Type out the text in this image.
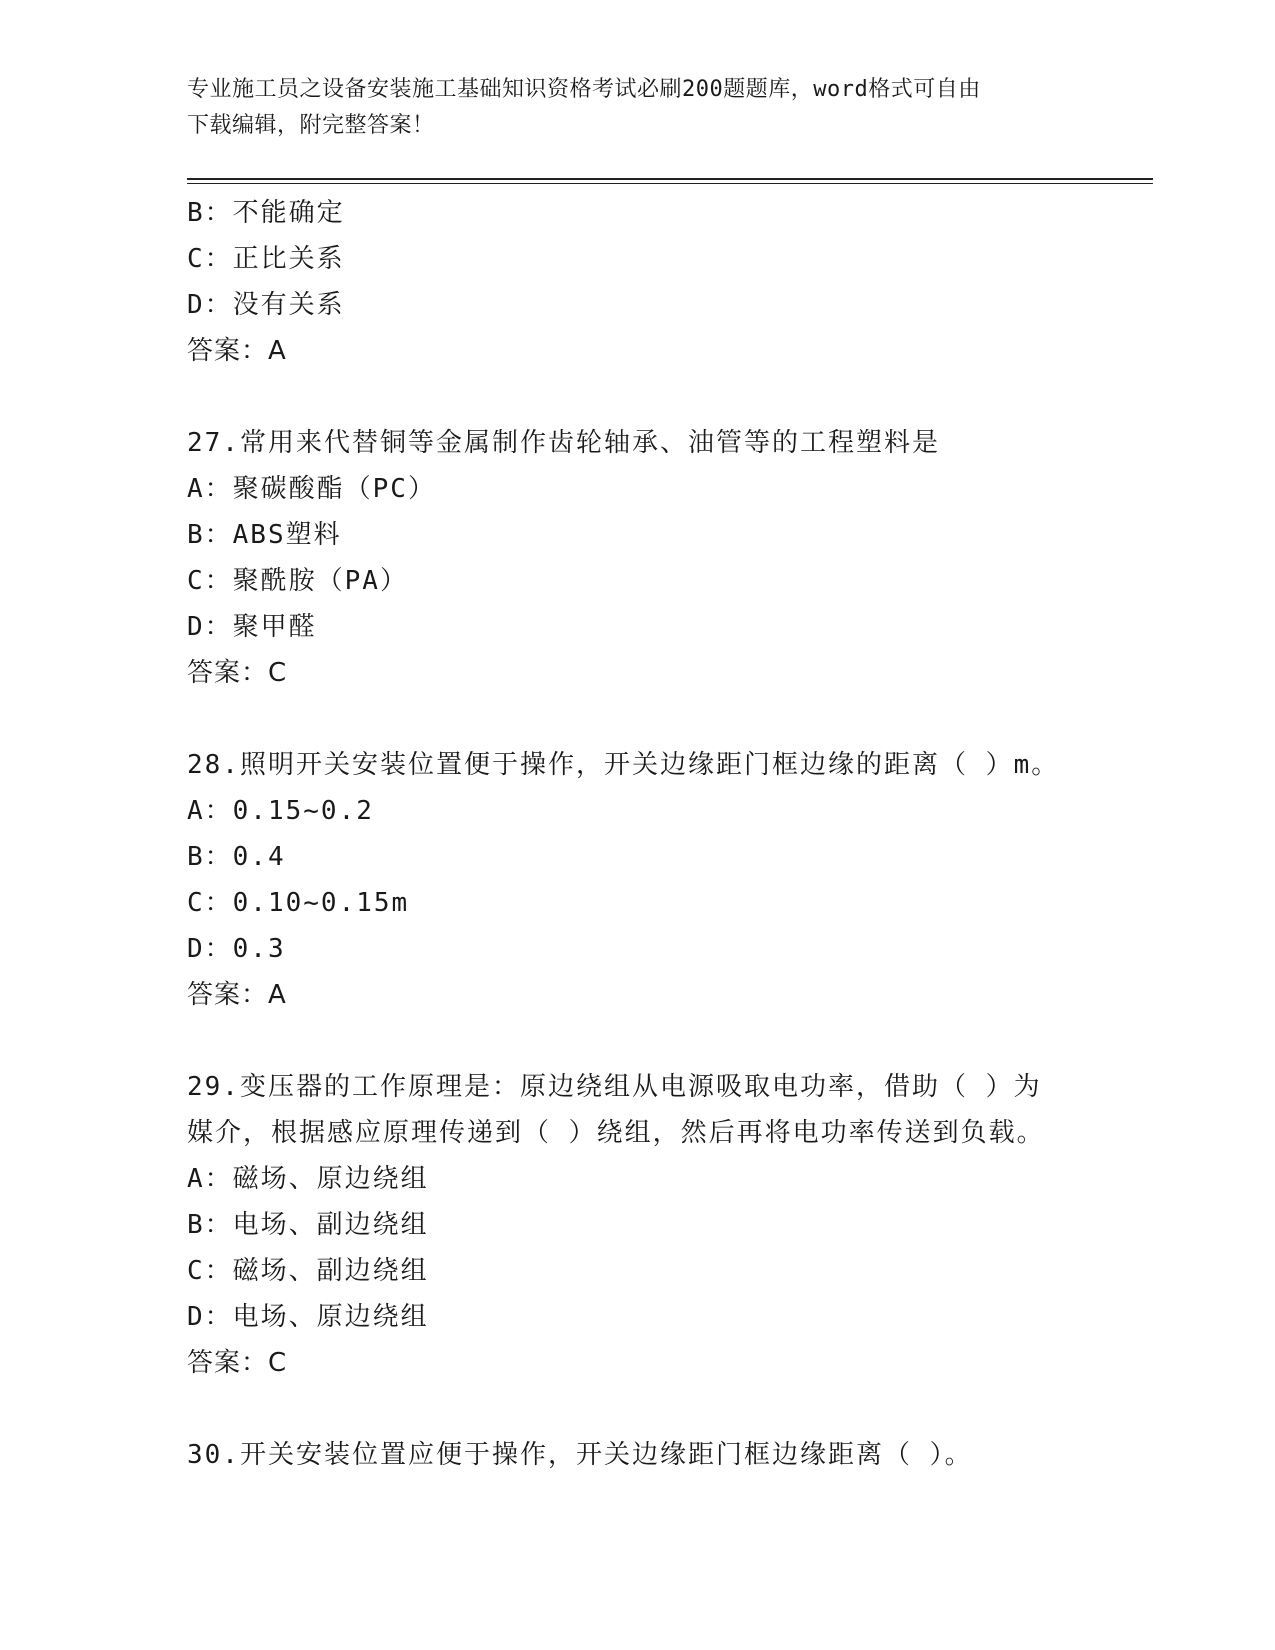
专业施工员之设备安装施工基础知识资格考试必刷200题题库，word格式可自由
下载编辑，附完整答案！
B：不能确定
C：正比关系
D：没有关系
答案：A
27.常用来代替铜等金属制作齿轮轴承、油管等的工程塑料是
A：聚碳酸酯（PC）
B：ABS塑料
C：聚酰胺（PA）
D：聚甲醛
答案：C
28.照明开关安装位置便于操作，开关边缘距门框边缘的距离（ ）m。
A：0.15~0.2
B：0.4
C：0.10~0.15m
D：0.3
答案：A
29.变压器的工作原理是：原边绕组从电源吸取电功率，借助（ ）为
媒介，根据感应原理传递到（ ）绕组，然后再将电功率传送到负载。
A：磁场、原边绕组
B：电场、副边绕组
C：磁场、副边绕组
D：电场、原边绕组
答案：C
30.开关安装位置应便于操作，开关边缘距门框边缘距离（ ）。
